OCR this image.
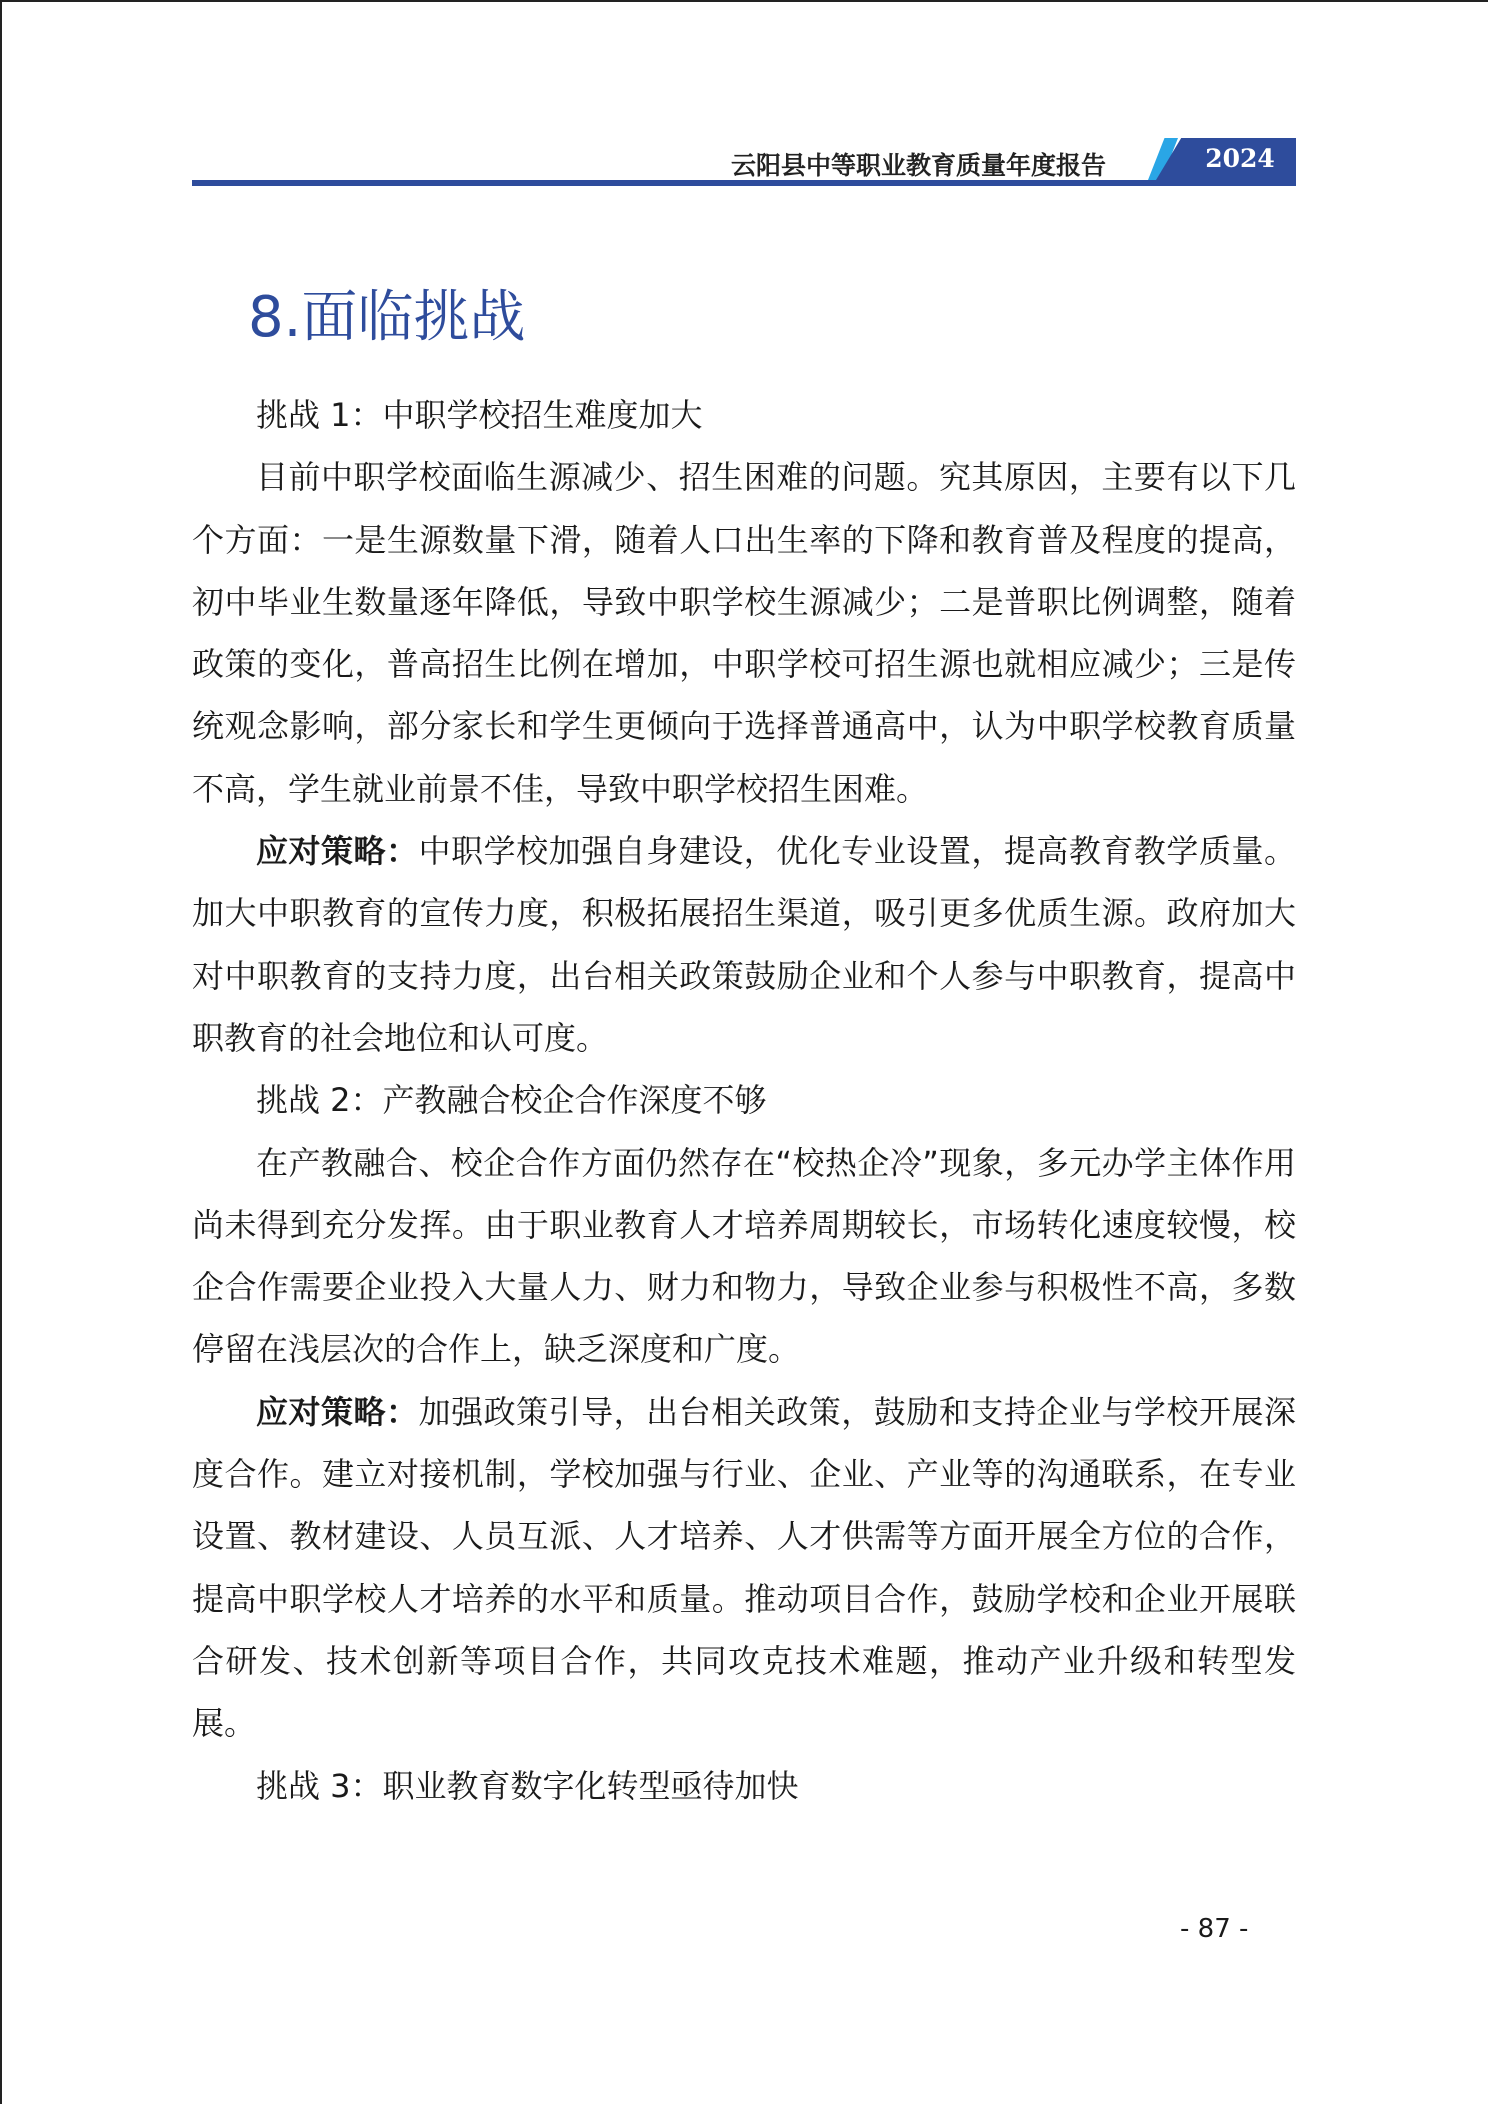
云阳县中等职业教育质量年度报告	2024
8.面临挑战

挑战 1：中职学校招生难度加大

目前中职学校面临生源减少、招生困难的问题。究其原因，主要有以下几个方面：一是生源数量下滑，随着人口出生率的下降和教育普及程度的提高，初中毕业生数量逐年降低，导致中职学校生源减少；二是普职比例调整，随着政策的变化，普高招生比例在增加，中职学校可招生源也就相应减少；三是传统观念影响，部分家长和学生更倾向于选择普通高中，认为中职学校教育质量不高，学生就业前景不佳，导致中职学校招生困难。

应对策略：中职学校加强自身建设，优化专业设置，提高教育教学质量。加大中职教育的宣传力度，积极拓展招生渠道，吸引更多优质生源。政府加大对中职教育的支持力度，出台相关政策鼓励企业和个人参与中职教育，提高中职教育的社会地位和认可度。

挑战 2：产教融合校企合作深度不够

在产教融合、校企合作方面仍然存在“校热企冷”现象，多元办学主体作用尚未得到充分发挥。由于职业教育人才培养周期较长，市场转化速度较慢，校企合作需要企业投入大量人力、财力和物力，导致企业参与积极性不高，多数停留在浅层次的合作上，缺乏深度和广度。

应对策略：加强政策引导，出台相关政策，鼓励和支持企业与学校开展深度合作。建立对接机制，学校加强与行业、企业、产业等的沟通联系，在专业设置、教材建设、人员互派、人才培养、人才供需等方面开展全方位的合作，提高中职学校人才培养的水平和质量。推动项目合作，鼓励学校和企业开展联合研发、技术创新等项目合作，共同攻克技术难题，推动产业升级和转型发展。

挑战 3：职业教育数字化转型亟待加快

- 87 -
